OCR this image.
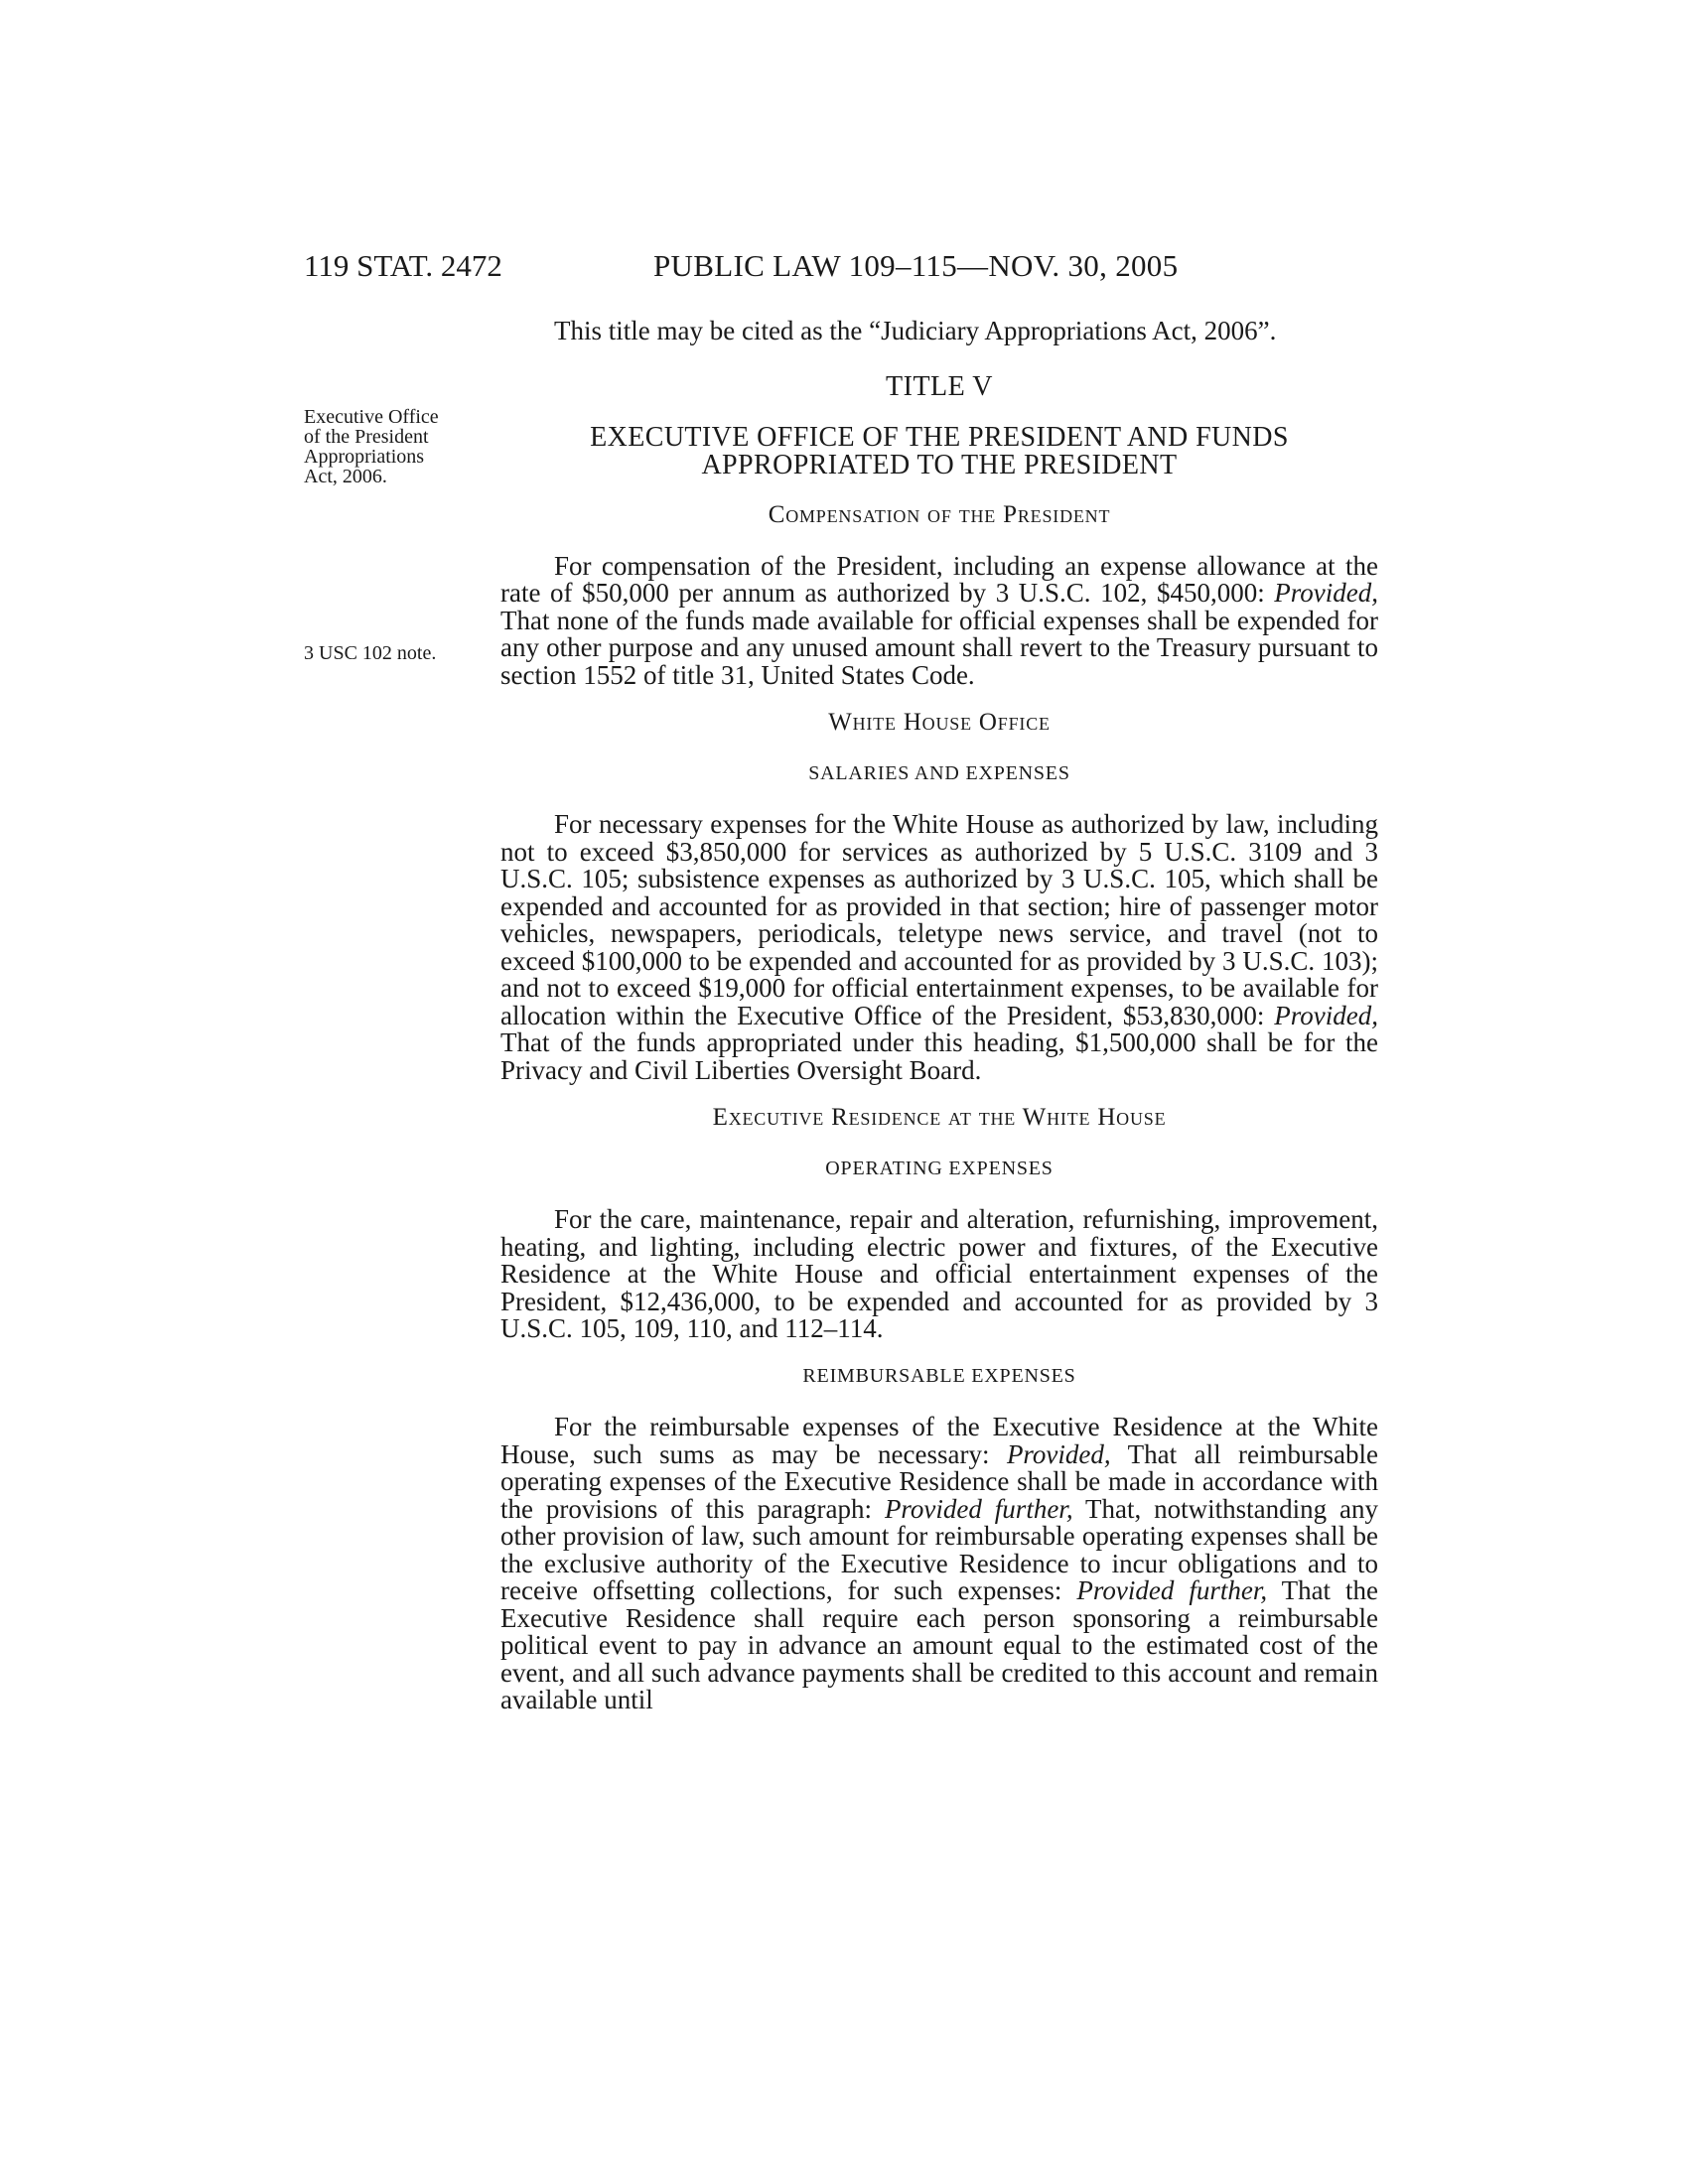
119 STAT. 2472	PUBLIC LAW 109–115—NOV. 30, 2005
Executive Office
of the President
Appropriations
Act, 2006.
3 USC 102 note.

This title may be cited as the “Judiciary Appropriations Act, 2006”.

TITLE V

EXECUTIVE OFFICE OF THE PRESIDENT AND FUNDS
APPROPRIATED TO THE PRESIDENT

Compensation of the President

For compensation of the President, including an expense allowance at the rate of $50,000 per annum as authorized by 3 U.S.C. 102, $450,000: Provided, That none of the funds made available for official expenses shall be expended for any other purpose and any unused amount shall revert to the Treasury pursuant to section 1552 of title 31, United States Code.

White House Office

SALARIES AND EXPENSES

For necessary expenses for the White House as authorized by law, including not to exceed $3,850,000 for services as authorized by 5 U.S.C. 3109 and 3 U.S.C. 105; subsistence expenses as authorized by 3 U.S.C. 105, which shall be expended and accounted for as provided in that section; hire of passenger motor vehicles, newspapers, periodicals, teletype news service, and travel (not to exceed $100,000 to be expended and accounted for as provided by 3 U.S.C. 103); and not to exceed $19,000 for official entertainment expenses, to be available for allocation within the Executive Office of the President, $53,830,000: Provided, That of the funds appropriated under this heading, $1,500,000 shall be for the Privacy and Civil Liberties Oversight Board.

Executive Residence at the White House

OPERATING EXPENSES

For the care, maintenance, repair and alteration, refurnishing, improvement, heating, and lighting, including electric power and fixtures, of the Executive Residence at the White House and official entertainment expenses of the President, $12,436,000, to be expended and accounted for as provided by 3 U.S.C. 105, 109, 110, and 112–114.

REIMBURSABLE EXPENSES

For the reimbursable expenses of the Executive Residence at the White House, such sums as may be necessary: Provided, That all reimbursable operating expenses of the Executive Residence shall be made in accordance with the provisions of this paragraph: Provided further, That, notwithstanding any other provision of law, such amount for reimbursable operating expenses shall be the exclusive authority of the Executive Residence to incur obligations and to receive offsetting collections, for such expenses: Provided further, That the Executive Residence shall require each person sponsoring a reimbursable political event to pay in advance an amount equal to the estimated cost of the event, and all such advance payments shall be credited to this account and remain available until
